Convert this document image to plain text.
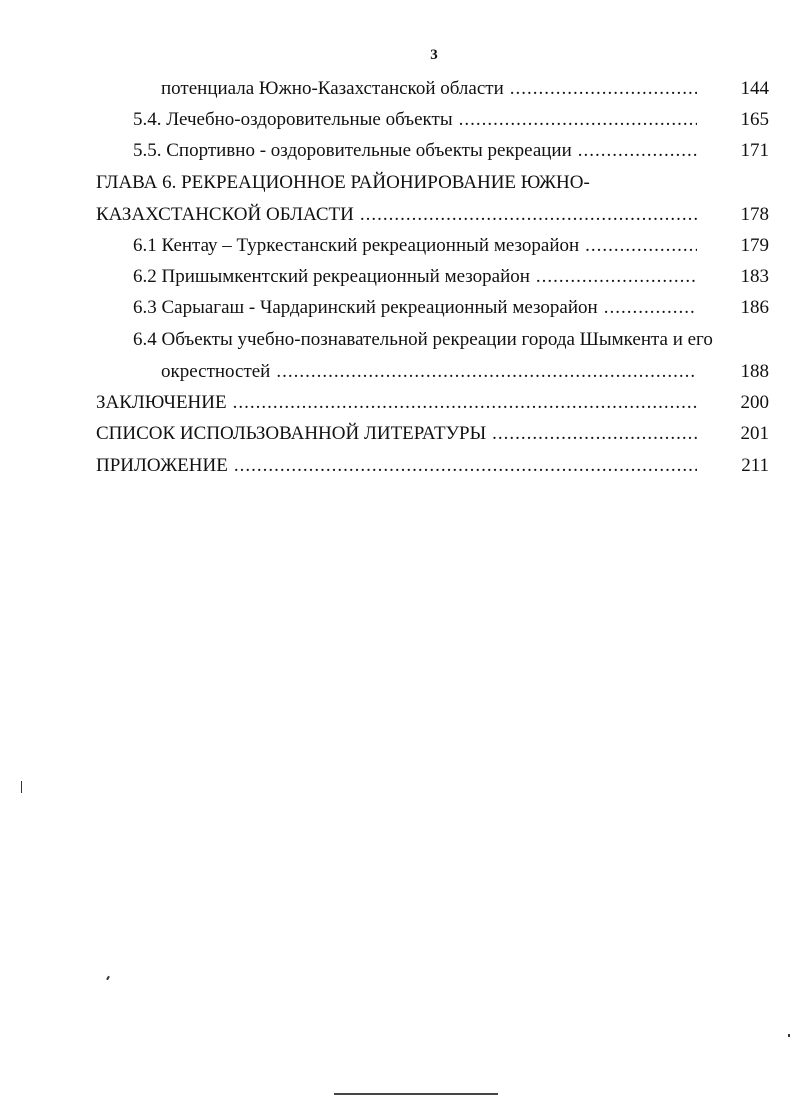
3
потенциала Южно-Казахстанской области .....	144
5.4. Лечебно-оздоровительные объекты .....	165
5.5. Спортивно - оздоровительные объекты рекреации .....	171
ГЛАВА 6. РЕКРЕАЦИОННОЕ РАЙОНИРОВАНИЕ ЮЖНО-
КАЗАХСТАНСКОЙ ОБЛАСТИ .....	178
6.1 Кентау – Туркестанский рекреационный мезорайон .....	179
6.2 Пришымкентский рекреационный мезорайон .....	183
6.3 Сарыагаш - Чардаринский рекреационный мезорайон .....	186
6.4 Объекты учебно-познавательной рекреации города Шымкента и его
окрестностей .....	188
ЗАКЛЮЧЕНИЕ .....	200
СПИСОК ИСПОЛЬЗОВАННОЙ ЛИТЕРАТУРЫ .....	201
ПРИЛОЖЕНИЕ .....	211
